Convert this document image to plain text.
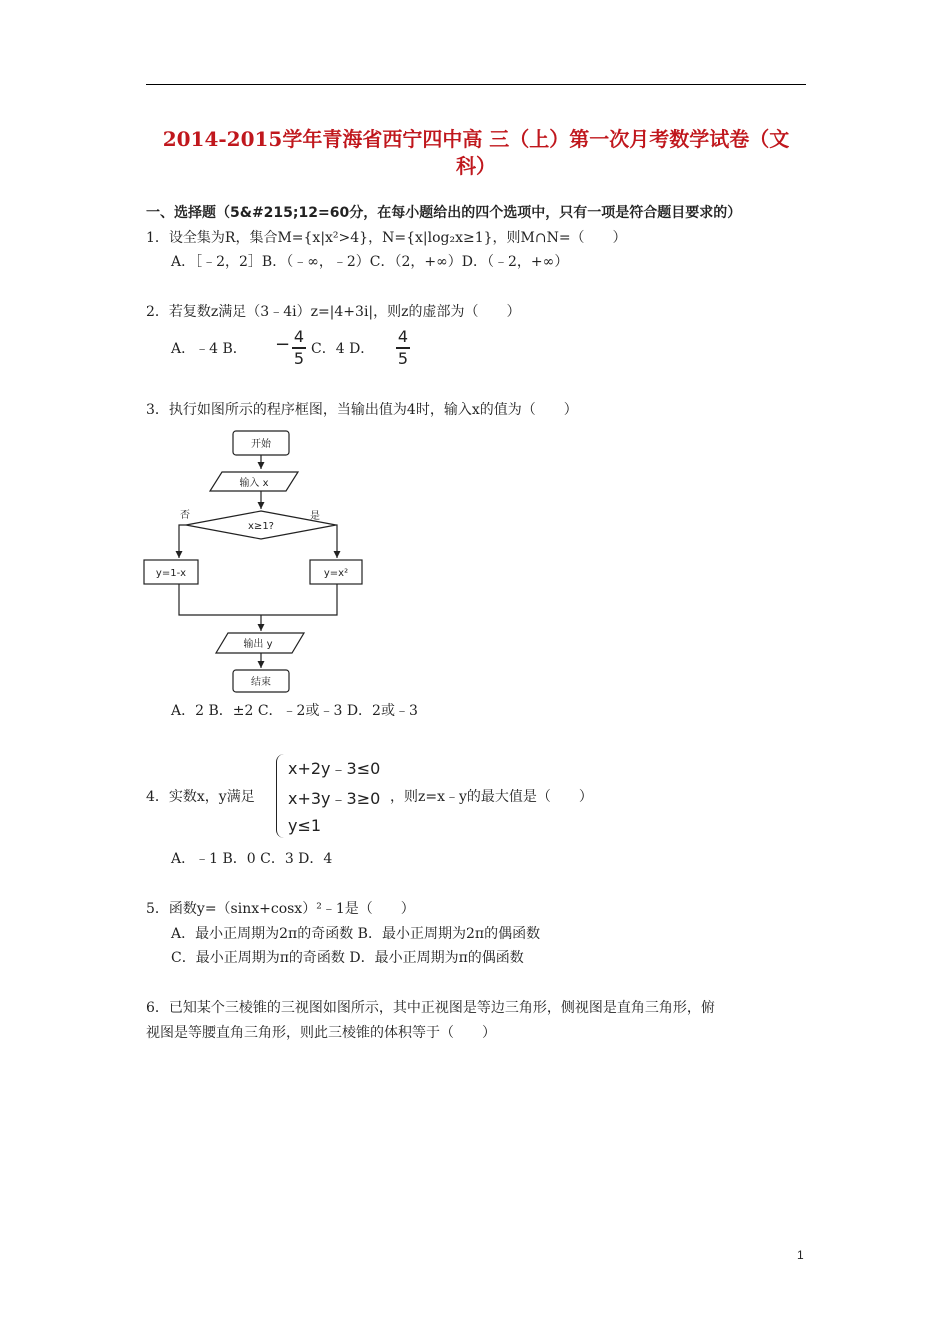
2014-2015学年青海省西宁四中高 三（上）第一次月考数学试卷（文
科）
一、选择题（5&#215;12=60分，在每小题给出的四个选项中，只有一项是符合题目要求的）
1．设全集为R，集合M={x|x²>4}，N={x|log₂x≥1}，则M∩N=（　　）
A．［﹣2，2］B．（﹣∞，﹣2）C．（2，+∞）D．（﹣2，+∞）
2．若复数z满足（3﹣4i）z=|4+3i|，则z的虚部为（　　）
A．﹣4 B． − 4
5 C．4 D．
4
5
3．执行如图所示的程序框图，当输出值为4时，输入x的值为（　　）
开始
输入 x
x≥1?
否	是
y=1-x	y=x²
输出 y
结束
A．2 B．±2 C．﹣2或﹣3 D．2或﹣3
4．实数x，y满足
x+2y﹣3≤0
x+3y﹣3≥0
y≤1
，则z=x﹣y的最大值是（　　）
A．﹣1 B．0 C．3 D．4
5．函数y=（sinx+cosx）²﹣1是（　　）
A．最小正周期为2π的奇函数 B．最小正周期为2π的偶函数
C．最小正周期为π的奇函数 D．最小正周期为π的偶函数
6．已知某个三棱锥的三视图如图所示，其中正视图是等边三角形，侧视图是直角三角形，俯
视图是等腰直角三角形，则此三棱锥的体积等于（　　）
1
